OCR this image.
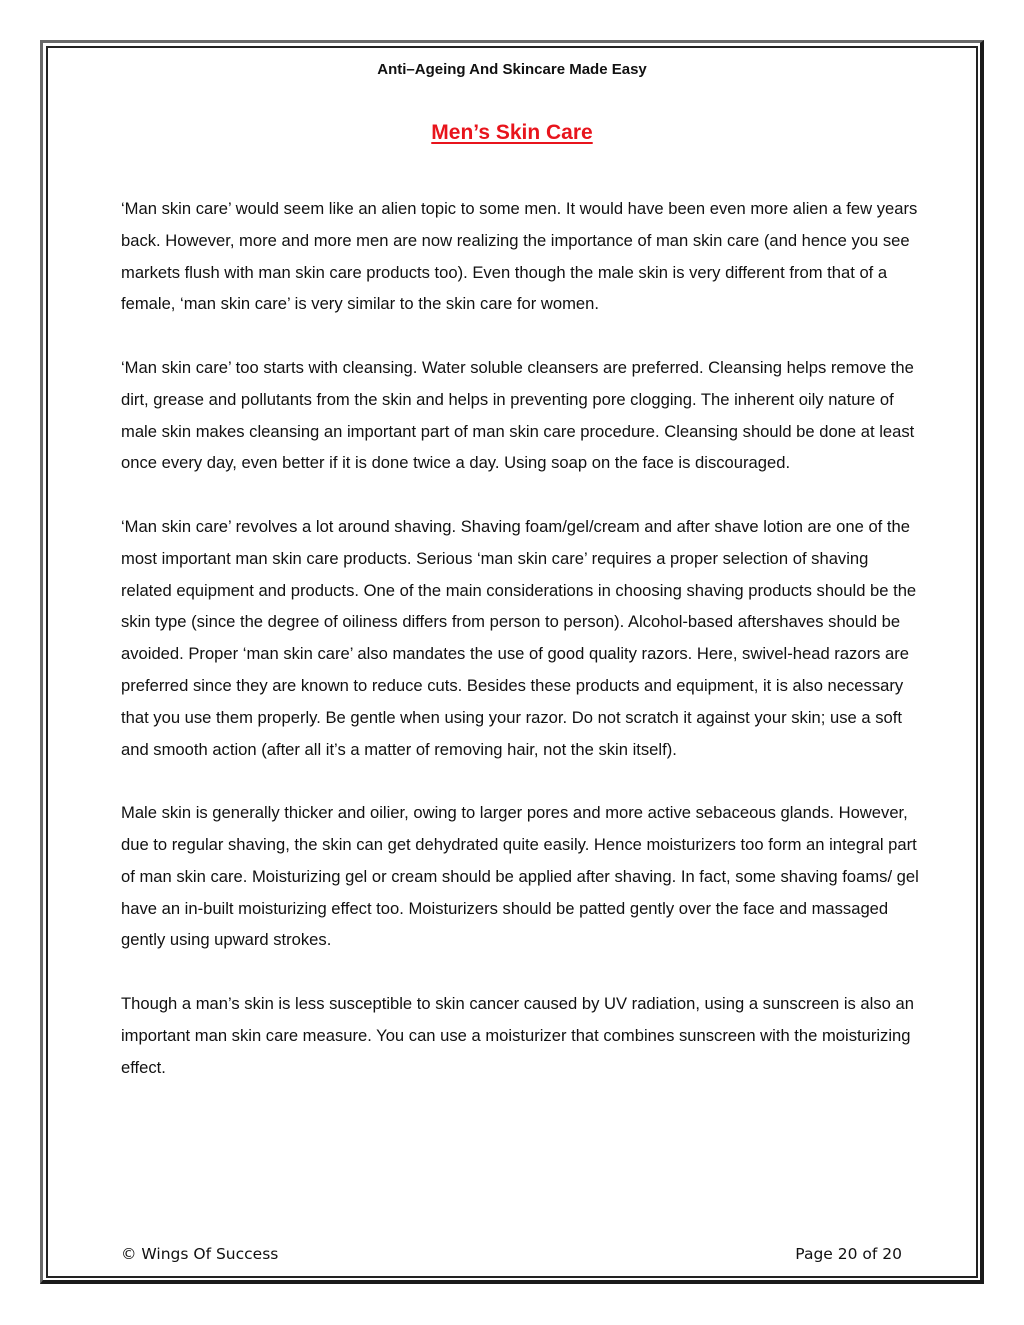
Anti–Ageing And Skincare Made Easy
Men’s Skin Care

‘Man skin care’ would seem like an alien topic to some men. It would have been even more alien a few years back. However, more and more men are now realizing the importance of man skin care (and hence you see markets flush with man skin care products too). Even though the male skin is very different from that of a female, ‘man skin care’ is very similar to the skin care for women.

‘Man skin care’ too starts with cleansing. Water soluble cleansers are preferred. Cleansing helps remove the dirt, grease and pollutants from the skin and helps in preventing pore clogging. The inherent oily nature of male skin makes cleansing an important part of man skin care procedure. Cleansing should be done at least once every day, even better if it is done twice a day. Using soap on the face is discouraged.

‘Man skin care’ revolves a lot around shaving. Shaving foam/gel/cream and after shave lotion are one of the most important man skin care products. Serious ‘man skin care’ requires a proper selection of shaving related equipment and products. One of the main considerations in choosing shaving products should be the skin type (since the degree of oiliness differs from person to person). Alcohol-based aftershaves should be avoided. Proper ‘man skin care’ also mandates the use of good quality razors. Here, swivel-head razors are preferred since they are known to reduce cuts. Besides these products and equipment, it is also necessary that you use them properly. Be gentle when using your razor. Do not scratch it against your skin; use a soft and smooth action (after all it’s a matter of removing hair, not the skin itself).

Male skin is generally thicker and oilier, owing to larger pores and more active sebaceous glands. However, due to regular shaving, the skin can get dehydrated quite easily. Hence moisturizers too form an integral part of man skin care. Moisturizing gel or cream should be applied after shaving. In fact, some shaving foams/ gel have an in-built moisturizing effect too. Moisturizers should be patted gently over the face and massaged gently using upward strokes.

Though a man’s skin is less susceptible to skin cancer caused by UV radiation, using a sunscreen is also an important man skin care measure. You can use a moisturizer that combines sunscreen with the moisturizing effect.

© Wings Of Success	Page 20 of 20
